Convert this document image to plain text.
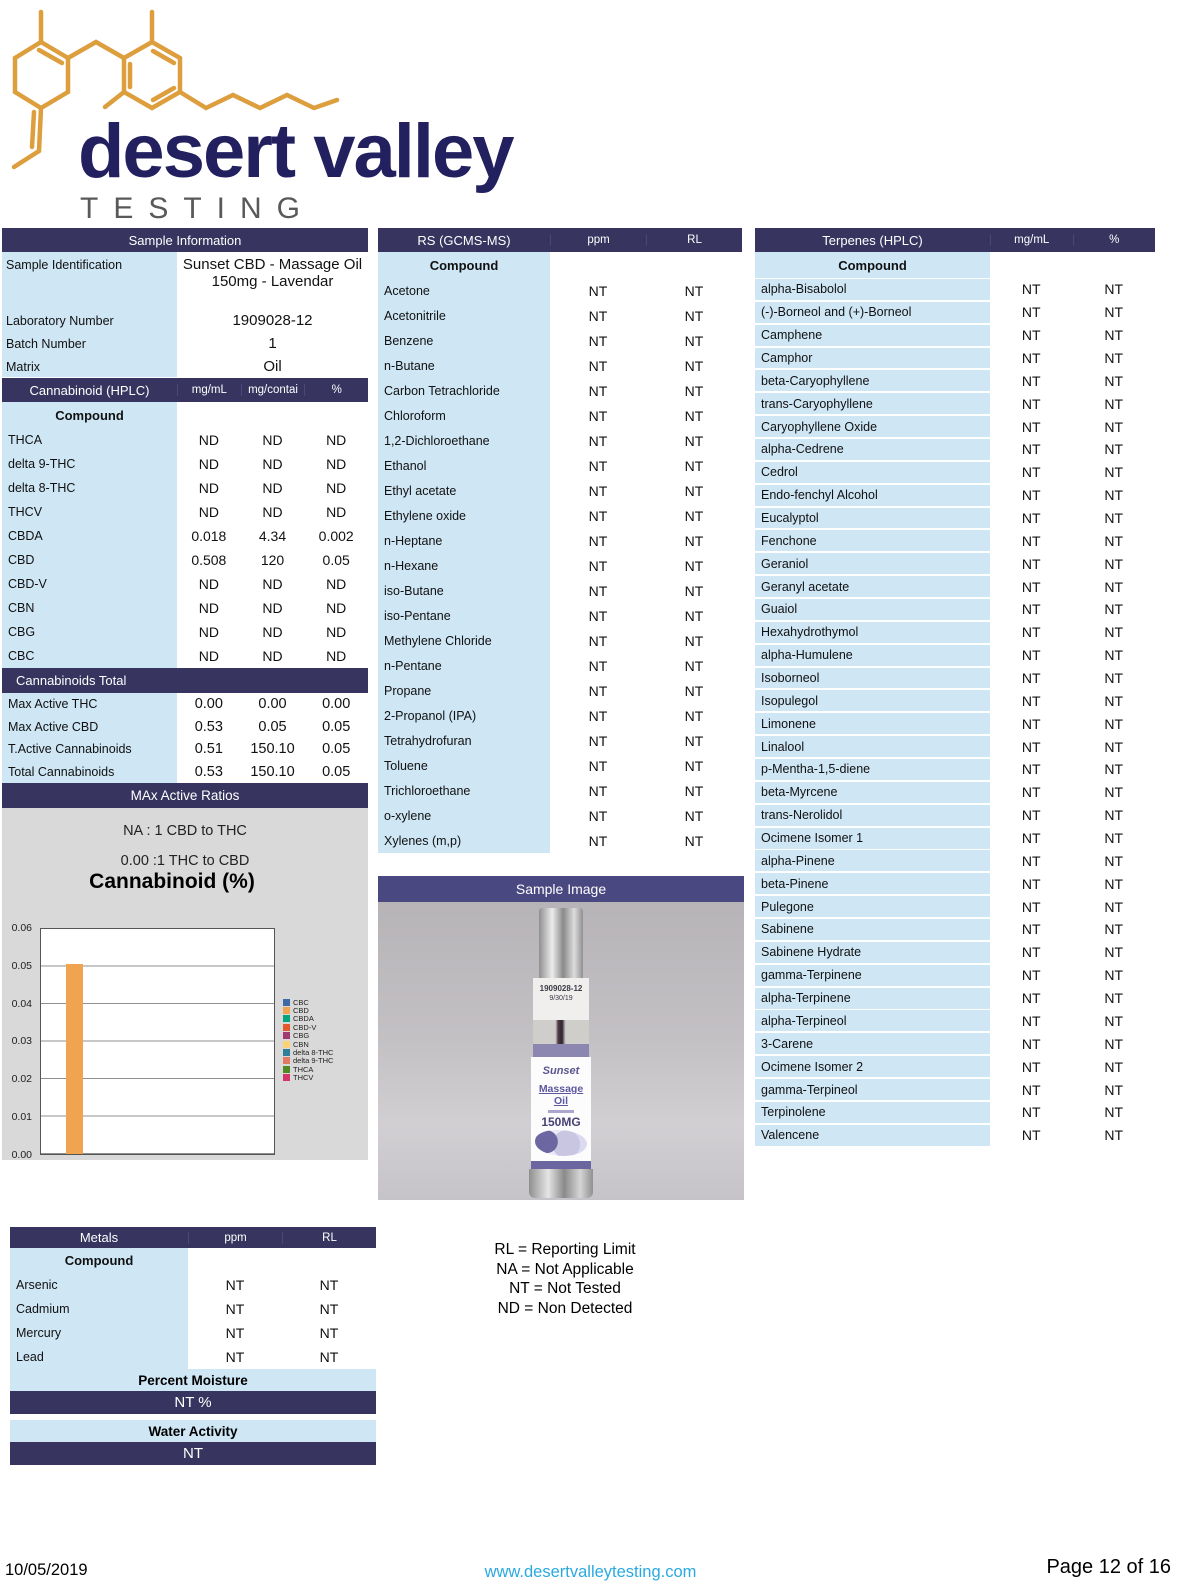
desert valley
TESTING
Sample Information
Sample Identification	Sunset CBD - Massage Oil 150mg - Lavendar
Laboratory Number	1909028-12
Batch Number	1
Matrix	Oil
Cannabinoid (HPLC)	mg/mL	mg/contai	%
Compound
THCA	ND	ND	ND
delta 9-THC	ND	ND	ND
delta 8-THC	ND	ND	ND
THCV	ND	ND	ND
CBDA	0.018	4.34	0.002
CBD	0.508	120	0.05
CBD-V	ND	ND	ND
CBN	ND	ND	ND
CBG	ND	ND	ND
CBC	ND	ND	ND
Cannabinoids Total
Max Active THC	0.00	0.00	0.00
Max Active CBD	0.53	0.05	0.05
T.Active Cannabinoids	0.51	150.10	0.05
Total Cannabinoids	0.53	150.10	0.05
MAx Active Ratios
NA : 1 CBD to THC
0.00 :1 THC to CBD
Cannabinoid (%)
0.06
0.05
0.04
0.03
0.02
0.01
0.00
CBC
CBD
CBDA
CBD-V
CBG
CBN
delta 8-THC
delta 9-THC
THCA
THCV
RS (GCMS-MS)	ppm	RL
Compound
Acetone	NT	NT
Acetonitrile	NT	NT
Benzene	NT	NT
n-Butane	NT	NT
Carbon Tetrachloride	NT	NT
Chloroform	NT	NT
1,2-Dichloroethane	NT	NT
Ethanol	NT	NT
Ethyl acetate	NT	NT
Ethylene oxide	NT	NT
n-Heptane	NT	NT
n-Hexane	NT	NT
iso-Butane	NT	NT
iso-Pentane	NT	NT
Methylene Chloride	NT	NT
n-Pentane	NT	NT
Propane	NT	NT
2-Propanol (IPA)	NT	NT
Tetrahydrofuran	NT	NT
Toluene	NT	NT
Trichloroethane	NT	NT
o-xylene	NT	NT
Xylenes (m,p)	NT	NT
Sample Image
1909028-12
9/30/19
Sunset
Massage Oil
150MG
RL = Reporting Limit
NA = Not Applicable
NT = Not Tested
ND = Non Detected
Terpenes (HPLC)	mg/mL	%
Compound
alpha-Bisabolol	NT	NT
(-)-Borneol and (+)-Borneol	NT	NT
Camphene	NT	NT
Camphor	NT	NT
beta-Caryophyllene	NT	NT
trans-Caryophyllene	NT	NT
Caryophyllene Oxide	NT	NT
alpha-Cedrene	NT	NT
Cedrol	NT	NT
Endo-fenchyl Alcohol	NT	NT
Eucalyptol	NT	NT
Fenchone	NT	NT
Geraniol	NT	NT
Geranyl acetate	NT	NT
Guaiol	NT	NT
Hexahydrothymol	NT	NT
alpha-Humulene	NT	NT
Isoborneol	NT	NT
Isopulegol	NT	NT
Limonene	NT	NT
Linalool	NT	NT
p-Mentha-1,5-diene	NT	NT
beta-Myrcene	NT	NT
trans-Nerolidol	NT	NT
Ocimene Isomer 1	NT	NT
alpha-Pinene	NT	NT
beta-Pinene	NT	NT
Pulegone	NT	NT
Sabinene	NT	NT
Sabinene Hydrate	NT	NT
gamma-Terpinene	NT	NT
alpha-Terpinene	NT	NT
alpha-Terpineol	NT	NT
3-Carene	NT	NT
Ocimene Isomer 2	NT	NT
gamma-Terpineol	NT	NT
Terpinolene	NT	NT
Valencene	NT	NT
Metals	ppm	RL
Compound
Arsenic	NT	NT
Cadmium	NT	NT
Mercury	NT	NT
Lead	NT	NT
Percent Moisture
NT %
Water Activity
NT
10/05/2019	www.desertvalleytesting.com	Page 12 of 16
